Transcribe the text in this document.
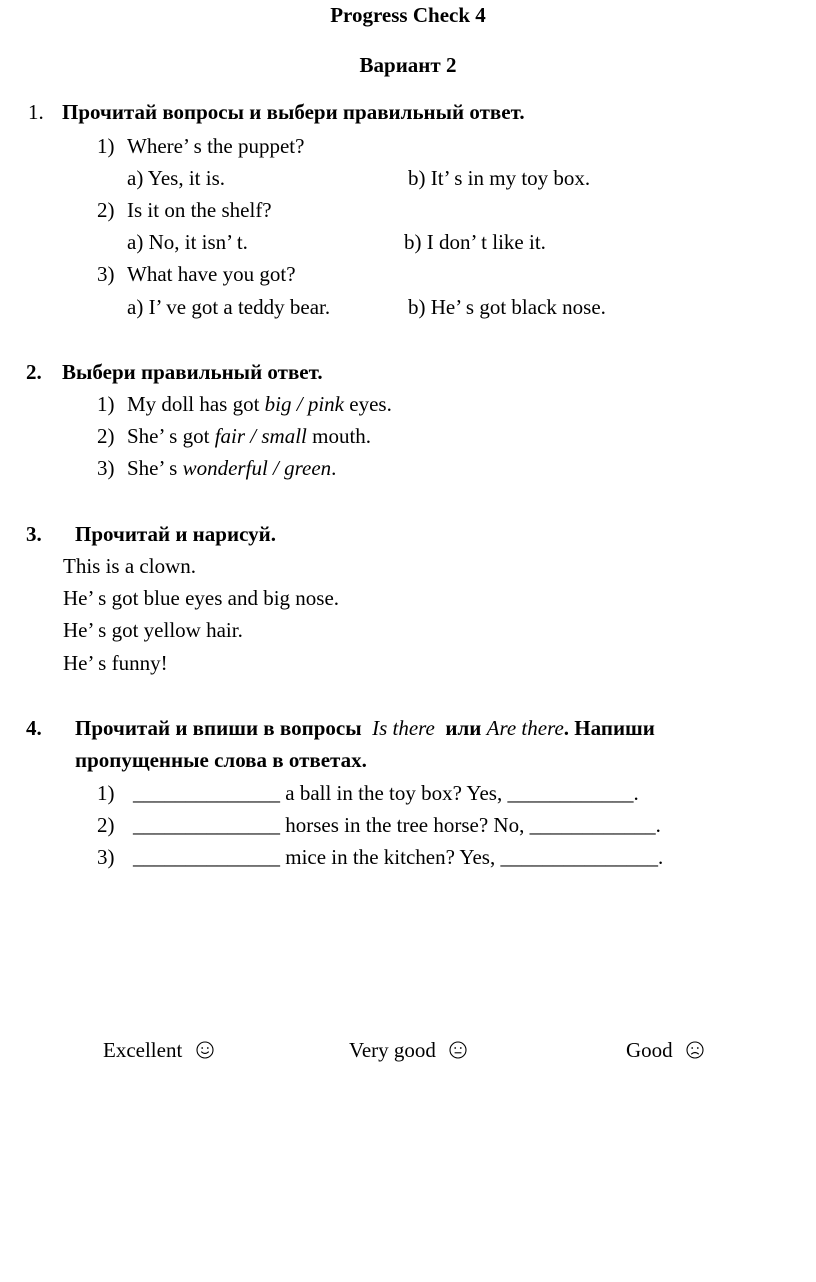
Progress Check 4
Вариант 2
1. Прочитай вопросы и выбери правильный ответ.
1) Where’ s the puppet?
a) Yes, it is.	b) It’ s in my toy box.
2) Is it on the shelf?
a) No, it isn’ t.	b) I don’ t like it.
3) What have you got?
a) I’ ve got a teddy bear.	b) He’ s got black nose.
2. Выбери правильный ответ.
1) My doll has got big / pink eyes.
2) She’ s got fair / small mouth.
3) She’ s wonderful / green.
3. Прочитай и нарисуй.
This is a clown.
He’ s got blue eyes and big nose.
He’ s got yellow hair.
He’ s funny!
4. Прочитай и впиши в вопросы Is there или Are there. Напиши
пропущенные слова в ответах.
1) ______________ a ball in the toy box? Yes, ____________.
2) ______________ horses in the tree horse? No, ____________.
3) ______________ mice in the kitchen? Yes, _______________.
Excellent	Very good	Good
